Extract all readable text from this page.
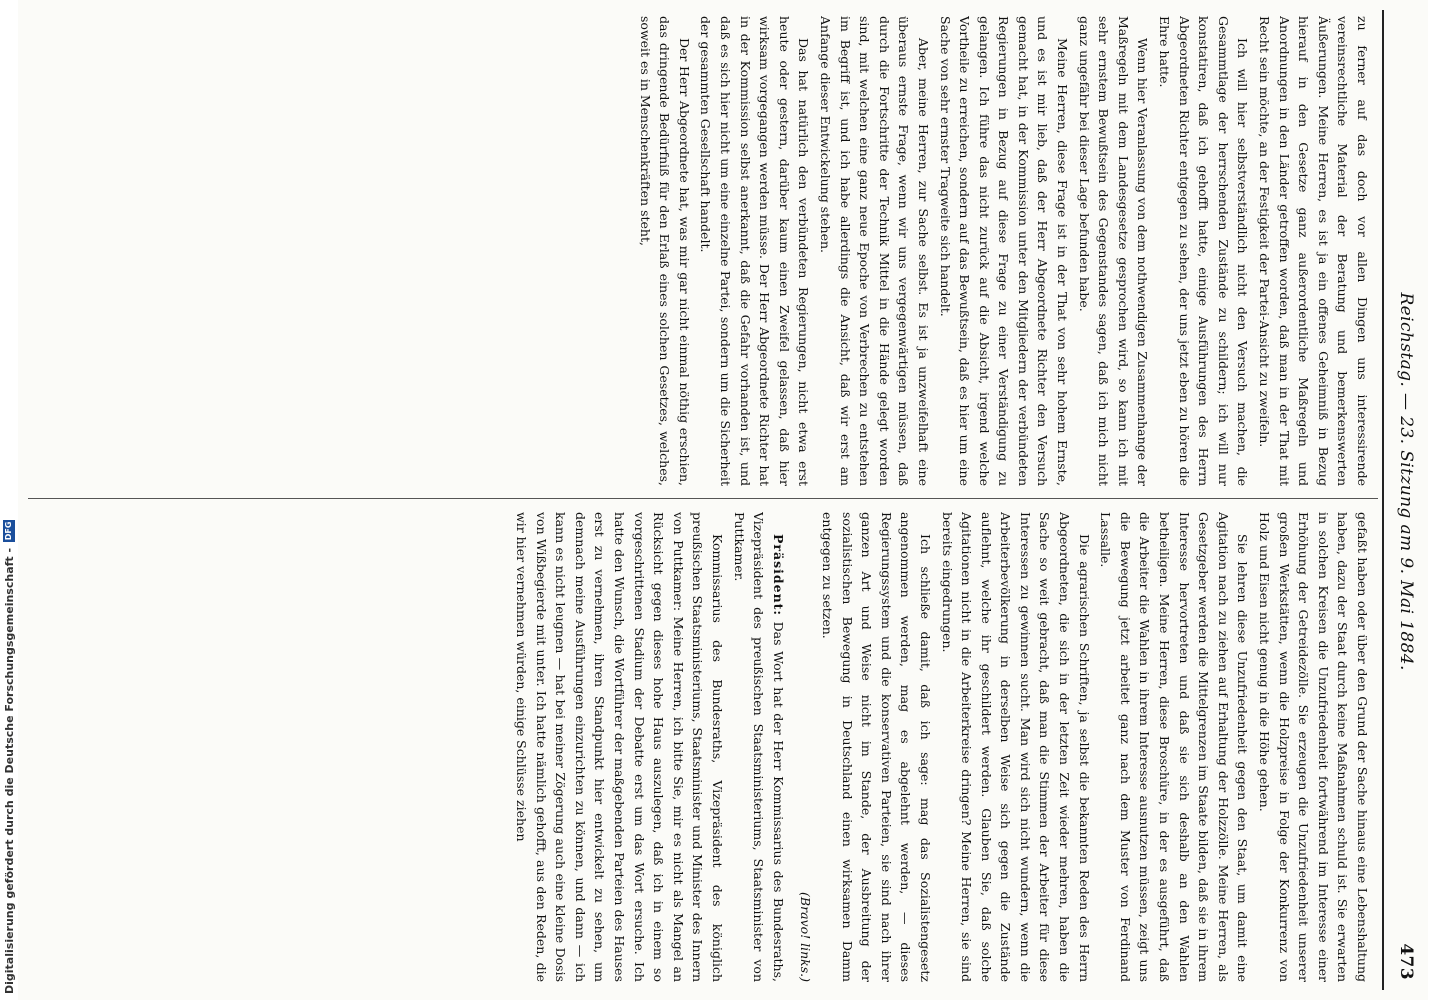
Digitalisierung gefördert durch die Deutsche Forschungsgemeinschaft -
DFG	Reichstag. — 23. Sitzung am 9. Mai 1884.
473

zu ferner auf das doch vor allen Dingen uns interessirende vereinsrechtliche Material der Beratung und bemerkenswerten Äußerungen. Meine Herren, es ist ja ein offenes Geheimniß in Bezug hierauf in den Gesetze ganz außerordentliche Maßregeln und Anordnungen in den Länder getroffen worden, daß man in der That mit Recht sein möchte, an der Festigkeit der Partei-Ansicht zu zweifeln.

Ich will hier selbstverständlich nicht den Versuch machen, die Gesammtlage der herrschenden Zustände zu schildern; ich will nur konstatiren, daß ich gehofft hatte, einige Ausführungen des Herrn Abgeordneten Richter entgegen zu sehen, der uns jetzt eben zu hören die Ehre hatte.

Wenn hier Veranlassung von dem nothwendigen Zusammenhange der Maßregeln mit dem Landesgesetze gesprochen wird, so kann ich mit sehr ernstem Bewußtsein des Gegenstandes sagen, daß ich mich nicht ganz ungefähr bei dieser Lage befunden habe.

Meine Herren, diese Frage ist in der That von sehr hohem Ernste, und es ist mir lieb, daß der Herr Abgeordnete Richter den Versuch gemacht hat, in der Kommission unter den Mitgliedern der verbündeten Regierungen in Bezug auf diese Frage zu einer Verständigung zu gelangen. Ich führe das nicht zurück auf die Absicht, irgend welche Vortheile zu erreichen, sondern auf das Bewußtsein, daß es hier um eine Sache von sehr ernster Tragweite sich handelt.

Aber, meine Herren, zur Sache selbst. Es ist ja unzweifelhaft eine überaus ernste Frage, wenn wir uns vergegenwärtigen müssen, daß durch die Fortschritte der Technik Mittel in die Hände gelegt worden sind, mit welchen eine ganz neue Epoche von Verbrechen zu entstehen im Begriff ist, und ich habe allerdings die Ansicht, daß wir erst am Anfange dieser Entwickelung stehen.

Das hat natürlich den verbündeten Regierungen, nicht etwa erst heute oder gestern, darüber kaum einen Zweifel gelassen, daß hier wirksam vorgegangen werden müsse. Der Herr Abgeordnete Richter hat in der Kommission selbst anerkannt, daß die Gefahr vorhanden ist, und daß es sich hier nicht um eine einzelne Partei, sondern um die Sicherheit der gesammten Gesellschaft handelt.

Der Herr Abgeordnete hat, was mir gar nicht einmal nöthig erschien, das dringende Bedürfniß für den Erlaß eines solchen Gesetzes, welches, soweit es in Menschenkräften steht,

gefaßt haben oder über den Grund der Sache hinaus eine Lebenshaltung haben, dazu der Staat durch keine Maßnahmen schuld ist. Sie erwarten in solchen Kreisen die Unzufriedenheit fortwährend im Interesse einer Erhöhung der Getreidezölle. Sie erzeugen die Unzufriedenheit unserer großen Werkstätten, wenn die Holzpreise in Folge der Konkurrenz von Holz und Eisen nicht genug in die Höhe gehen.

Sie lehren diese Unzufriedenheit gegen den Staat, um damit eine Agitation nach zu ziehen auf Erhaltung der Holzzölle. Meine Herren, als Gesetzgeber werden die Mittelgrenzen im Staate bilden, daß sie in ihrem Interesse hervortreten und daß sie sich deshalb an den Wahlen betheiligen. Meine Herren, diese Broschüre, in der es ausgeführt, daß die Arbeiter die Wahlen in ihrem Interesse ausnutzen müssen, zeigt uns die Bewegung jetzt arbeitet ganz nach dem Muster von Ferdinand Lassalle.

Die agrarischen Schriften, ja selbst die bekannten Reden des Herrn Abgeordneten, die sich in der letzten Zeit wieder mehren, haben die Sache so weit gebracht, daß man die Stimmen der Arbeiter für diese Interessen zu gewinnen sucht. Man wird sich nicht wundern, wenn die Arbeiterbevölkerung in derselben Weise sich gegen die Zustände auflehnt, welche ihr geschildert werden. Glauben Sie, daß solche Agitationen nicht in die Arbeiterkreise dringen? Meine Herren, sie sind bereits eingedrungen.

Ich schließe damit, daß ich sage: mag das Sozialistengesetz angenommen werden, mag es abgelehnt werden, — dieses Regierungssystem und die konservativen Parteien, sie sind nach ihrer ganzen Art und Weise nicht im Stande, der Ausbreitung der sozialistischen Bewegung in Deutschland einen wirksamen Damm entgegen zu setzen.

(Bravo! links.)

Präsident: Das Wort hat der Herr Kommissarius des Bundesraths, Vizepräsident des preußischen Staatsministeriums, Staatsminister von Puttkamer.

Kommissarius des Bundesraths, Vizepräsident des königlich preußischen Staatsministeriums, Staatsminister und Minister des Innern von Puttkamer: Meine Herren, ich bitte Sie, mir es nicht als Mangel an Rücksicht gegen dieses hohe Haus auszulegen, daß ich in einem so vorgeschrittenen Stadium der Debatte erst um das Wort ersuche. Ich hatte den Wunsch, die Wortführer der maßgebenden Parteien des Hauses erst zu vernehmen, ihren Standpunkt hier entwickelt zu sehen, um demnach meine Ausführungen einzurichten zu können, und dann — ich kann es nicht leugnen — hat bei meiner Zögerung auch eine kleine Dosis von Wißbegierde mit unter. Ich hatte nämlich gehofft, aus den Reden, die wir hier vernehmen würden, einige Schlüsse ziehen
